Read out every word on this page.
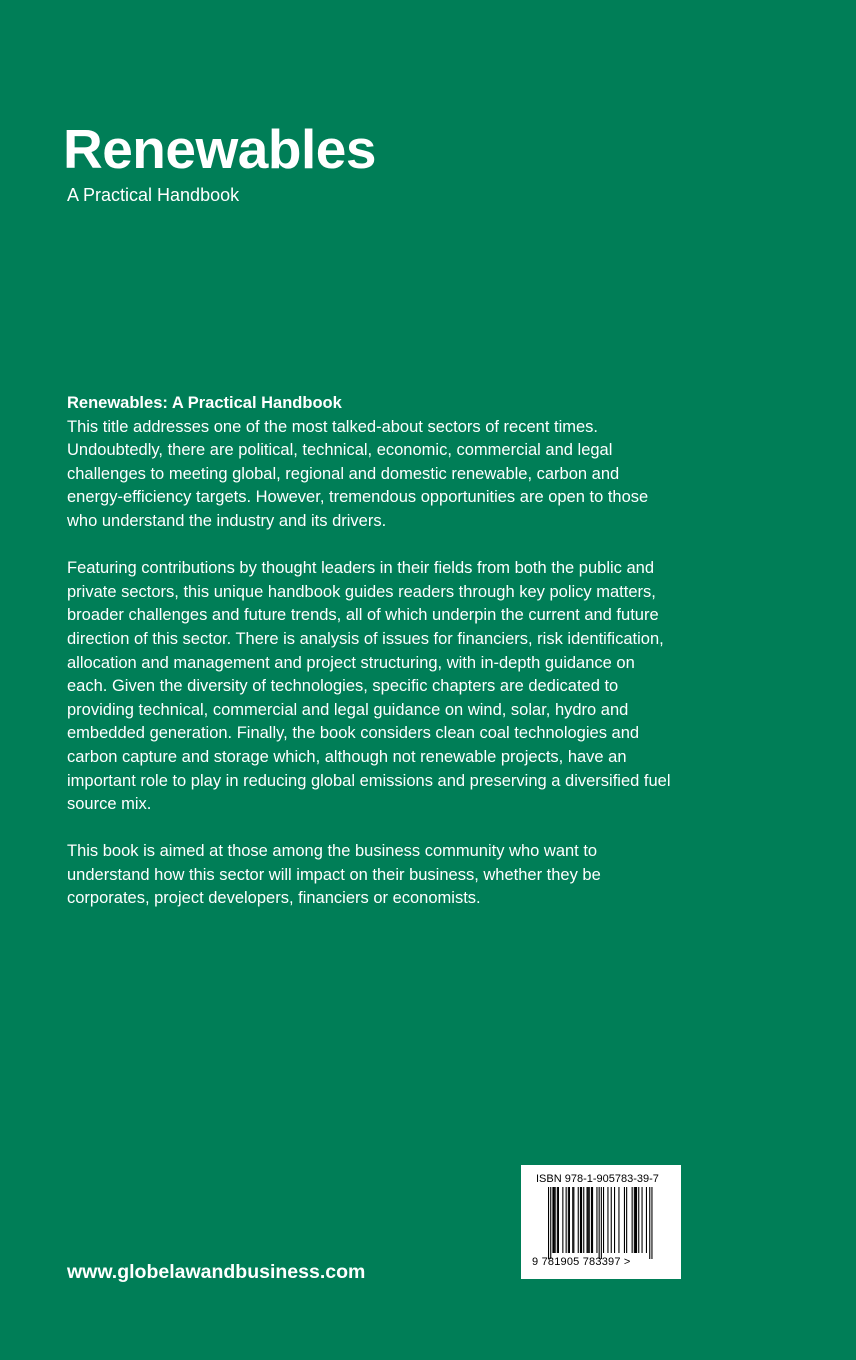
Renewables
A Practical Handbook
Renewables: A Practical Handbook

This title addresses one of the most talked-about sectors of recent times. Undoubtedly, there are political, technical, economic, commercial and legal challenges to meeting global, regional and domestic renewable, carbon and energy-efficiency targets. However, tremendous opportunities are open to those who understand the industry and its drivers.

Featuring contributions by thought leaders in their fields from both the public and private sectors, this unique handbook guides readers through key policy matters, broader challenges and future trends, all of which underpin the current and future direction of this sector. There is analysis of issues for financiers, risk identification, allocation and management and project structuring, with in-depth guidance on each. Given the diversity of technologies, specific chapters are dedicated to providing technical, commercial and legal guidance on wind, solar, hydro and embedded generation. Finally, the book considers clean coal technologies and carbon capture and storage which, although not renewable projects, have an important role to play in reducing global emissions and preserving a diversified fuel source mix.

This book is aimed at those among the business community who want to understand how this sector will impact on their business, whether they be corporates, project developers, financiers or economists.

www.globelawandbusiness.com
ISBN 978-1-905783-39-7
9 781905 783397 >
